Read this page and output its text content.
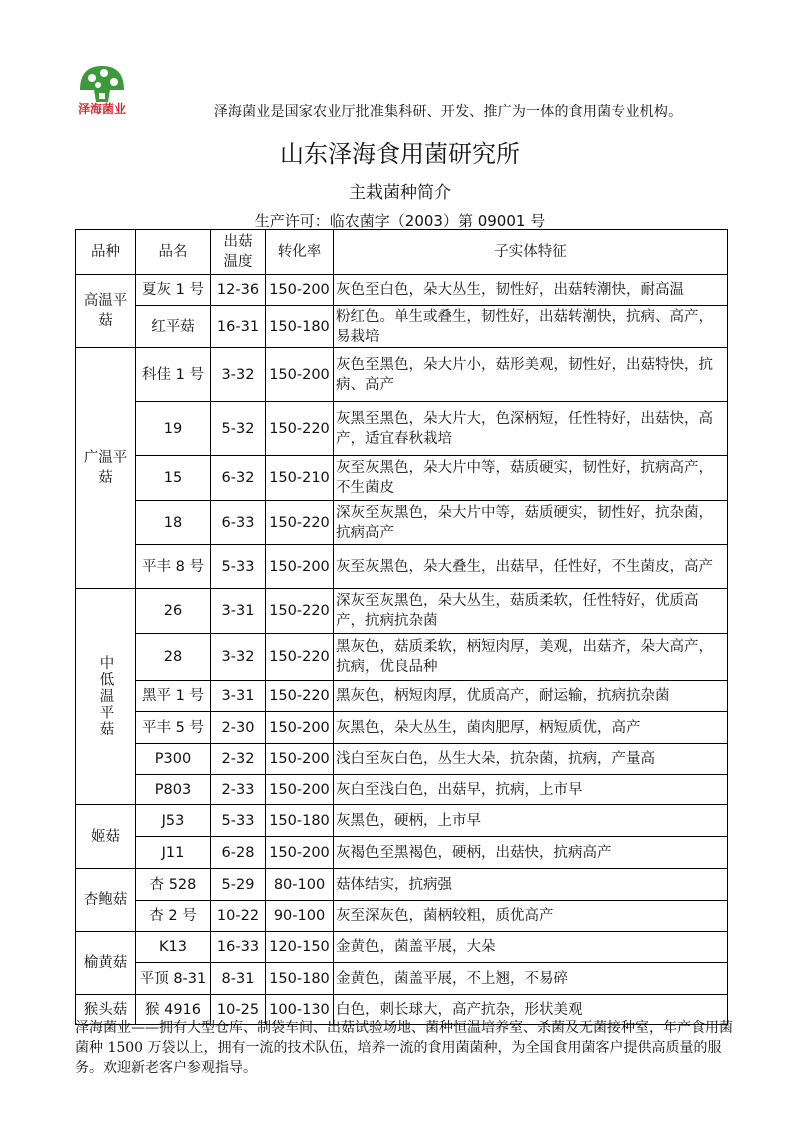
泽海菌业	泽海菌业是国家农业厅批准集科研、开发、推广为一体的食用菌专业机构。
山东泽海食用菌研究所
主栽菌种简介
生产许可：临农菌字（2003）第 09001 号
品种	品名	出菇温度	转化率	子实体特征
高温平菇	夏灰 1 号	12-36	150-200	灰色至白色，朵大丛生，韧性好，出菇转潮快，耐高温
	红平菇	16-31	150-180	粉红色。单生或叠生，韧性好，出菇转潮快，抗病、高产，易栽培
广温平菇	科佳 1 号	3-32	150-200	灰色至黑色，朵大片小，菇形美观，韧性好，出菇特快，抗病、高产
	19	5-32	150-220	灰黑至黑色，朵大片大，色深柄短，任性特好，出菇快，高产，适宜春秋栽培
	15	6-32	150-210	灰至灰黑色，朵大片中等，菇质硬实，韧性好，抗病高产，不生菌皮
	18	6-33	150-220	深灰至灰黑色，朵大片中等，菇质硬实，韧性好，抗杂菌，抗病高产
	平丰 8 号	5-33	150-200	灰至灰黑色，朵大叠生，出菇早，任性好，不生菌皮，高产
中低温平菇	26	3-31	150-220	深灰至灰黑色，朵大丛生，菇质柔软，任性特好，优质高产，抗病抗杂菌
	28	3-32	150-220	黑灰色，菇质柔软，柄短肉厚，美观，出菇齐，朵大高产，抗病，优良品种
	黑平 1 号	3-31	150-220	黑灰色，柄短肉厚，优质高产，耐运输，抗病抗杂菌
	平丰 5 号	2-30	150-200	灰黑色，朵大丛生，菌肉肥厚，柄短质优，高产
	P300	2-32	150-200	浅白至灰白色，丛生大朵，抗杂菌，抗病，产量高
	P803	2-33	150-200	灰白至浅白色，出菇早，抗病，上市早
姬菇	J53	5-33	150-180	灰黑色，硬柄，上市早
	J11	6-28	150-200	灰褐色至黑褐色，硬柄，出菇快，抗病高产
杏鲍菇	杏 528	5-29	80-100	菇体结实，抗病强
	杏 2 号	10-22	90-100	灰至深灰色，菌柄较粗，质优高产
榆黄菇	K13	16-33	120-150	金黄色，菌盖平展，大朵
	平顶 8-31	8-31	150-180	金黄色，菌盖平展，不上翘，不易碎
猴头菇	猴 4916	10-25	100-130	白色，刺长球大，高产抗杂，形状美观
泽海菌业——拥有大型仓库、制袋车间、出菇试验场地、菌种恒温培养室、杀菌及无菌接种室，年产食用菌菌种 1500 万袋以上，拥有一流的技术队伍，培养一流的食用菌菌种，为全国食用菌客户提供高质量的服务。欢迎新老客户参观指导。
